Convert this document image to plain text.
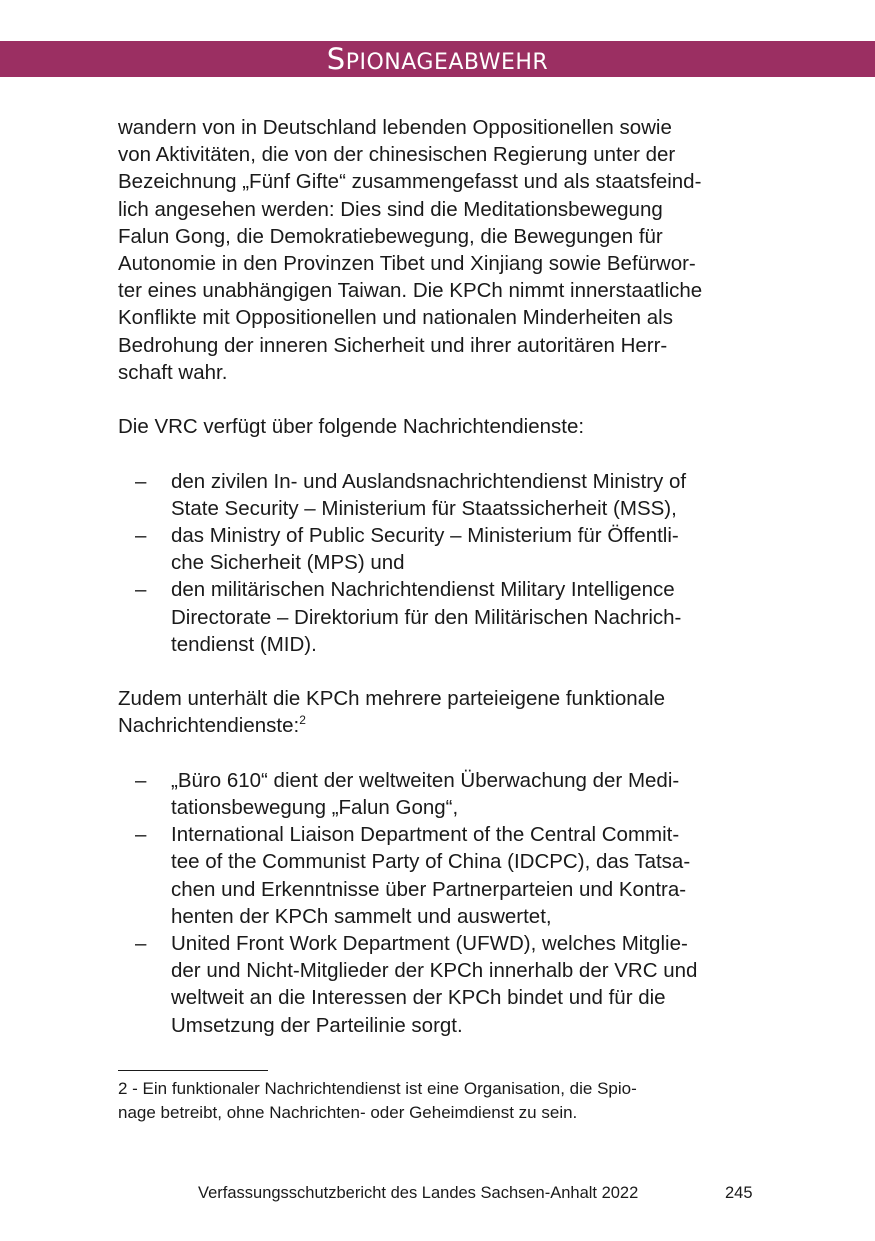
SPIONAGEABWEHR

wandern von in Deutschland lebenden Oppositionellen sowie
von Aktivitäten, die von der chinesischen Regierung unter der
Bezeichnung „Fünf Gifte“ zusammengefasst und als staatsfeind-
lich angesehen werden: Dies sind die Meditationsbewegung
Falun Gong, die Demokratiebewegung, die Bewegungen für
Autonomie in den Provinzen Tibet und Xinjiang sowie Befürwor-
ter eines unabhängigen Taiwan. Die KPCh nimmt innerstaatliche
Konflikte mit Oppositionellen und nationalen Minderheiten als
Bedrohung der inneren Sicherheit und ihrer autoritären Herr-
schaft wahr.

Die VRC verfügt über folgende Nachrichtendienste:

– den zivilen In- und Auslandsnachrichtendienst Ministry of
State Security – Ministerium für Staatssicherheit (MSS),
– das Ministry of Public Security – Ministerium für Öffentli-
che Sicherheit (MPS) und
– den militärischen Nachrichtendienst Military Intelligence
Directorate – Direktorium für den Militärischen Nachrich-
tendienst (MID).

Zudem unterhält die KPCh mehrere parteieigene funktionale
Nachrichtendienste:$^2$

– „Büro 610“ dient der weltweiten Überwachung der Medi-
tationsbewegung „Falun Gong“,
– International Liaison Department of the Central Commit-
tee of the Communist Party of China (IDCPC), das Tatsa-
chen und Erkenntnisse über Partnerparteien und Kontra-
henten der KPCh sammelt und auswertet,
– United Front Work Department (UFWD), welches Mitglie-
der und Nicht-Mitglieder der KPCh innerhalb der VRC und
weltweit an die Interessen der KPCh bindet und für die
Umsetzung der Parteilinie sorgt.
2 - Ein funktionaler Nachrichtendienst ist eine Organisation, die Spio-
nage betreibt, ohne Nachrichten- oder Geheimdienst zu sein.
Verfassungsschutzbericht des Landes Sachsen-Anhalt 2022	245
